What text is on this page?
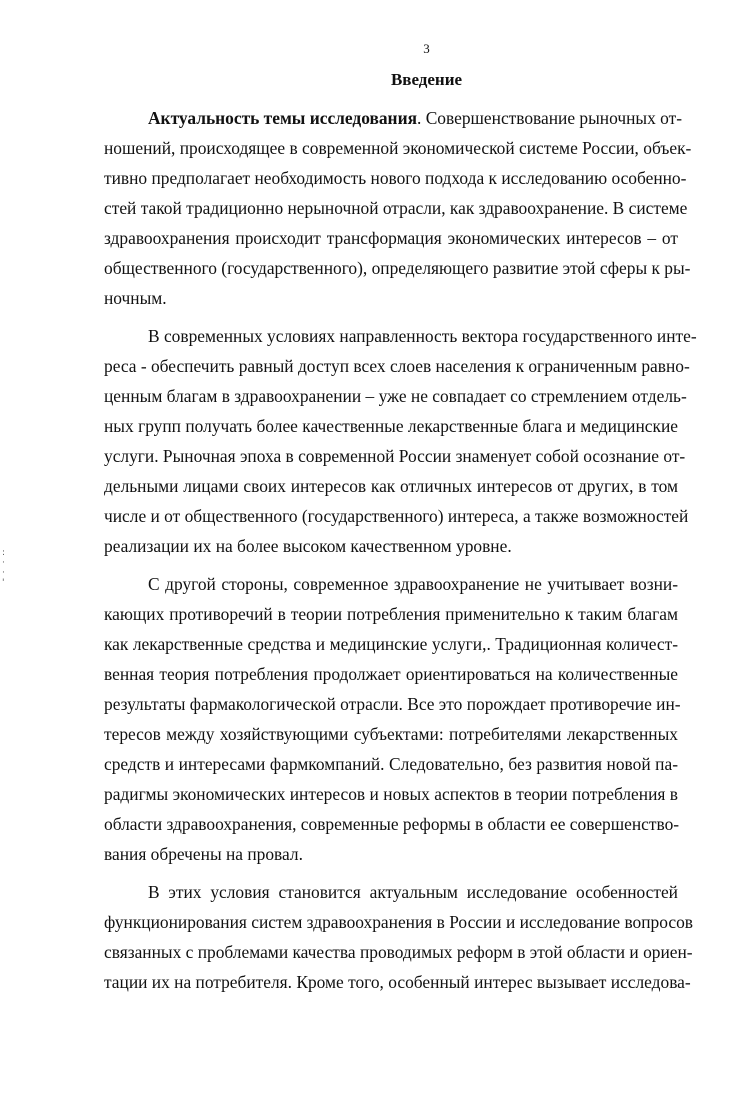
3
Введение

Актуальность темы исследования. Совершенствование рыночных от-
ношений, происходящее в современной экономической системе России, объек-
тивно предполагает необходимость нового подхода к исследованию особенно-
стей такой традиционно нерыночной отрасли, как здравоохранение. В системе
здравоохранения происходит трансформация экономических интересов – от
общественного (государственного), определяющего развитие этой сферы к ры-
ночным.

В современных условиях направленность вектора государственного инте-
реса - обеспечить равный доступ всех слоев населения к ограниченным равно-
ценным благам в здравоохранении – уже не совпадает со стремлением отдель-
ных групп получать более качественные лекарственные блага и медицинские
услуги. Рыночная эпоха в современной России знаменует собой осознание от-
дельными лицами своих интересов как отличных интересов от других, в том
числе и от общественного (государственного) интереса, а также возможностей
реализации их на более высоком качественном уровне.

С другой стороны, современное здравоохранение не учитывает возни-
кающих противоречий в теории потребления применительно к таким благам
как лекарственные средства и медицинские услуги,. Традиционная количест-
венная теория потребления продолжает ориентироваться на количественные
результаты фармакологической отрасли. Все это порождает противоречие ин-
тересов между хозяйствующими субъектами: потребителями лекарственных
средств и интересами фармкомпаний. Следовательно, без развития новой па-
радигмы экономических интересов и новых аспектов в теории потребления в
области здравоохранения, современные реформы в области ее совершенство-
вания обречены на провал.

В этих условия становится актуальным исследование особенностей
функционирования систем здравоохранения в России и исследование вопросов
связанных с проблемами качества проводимых реформ в этой области и ориен-
тации их на потребителя. Кроме того, особенный интерес вызывает исследова-

:
·
·
'
